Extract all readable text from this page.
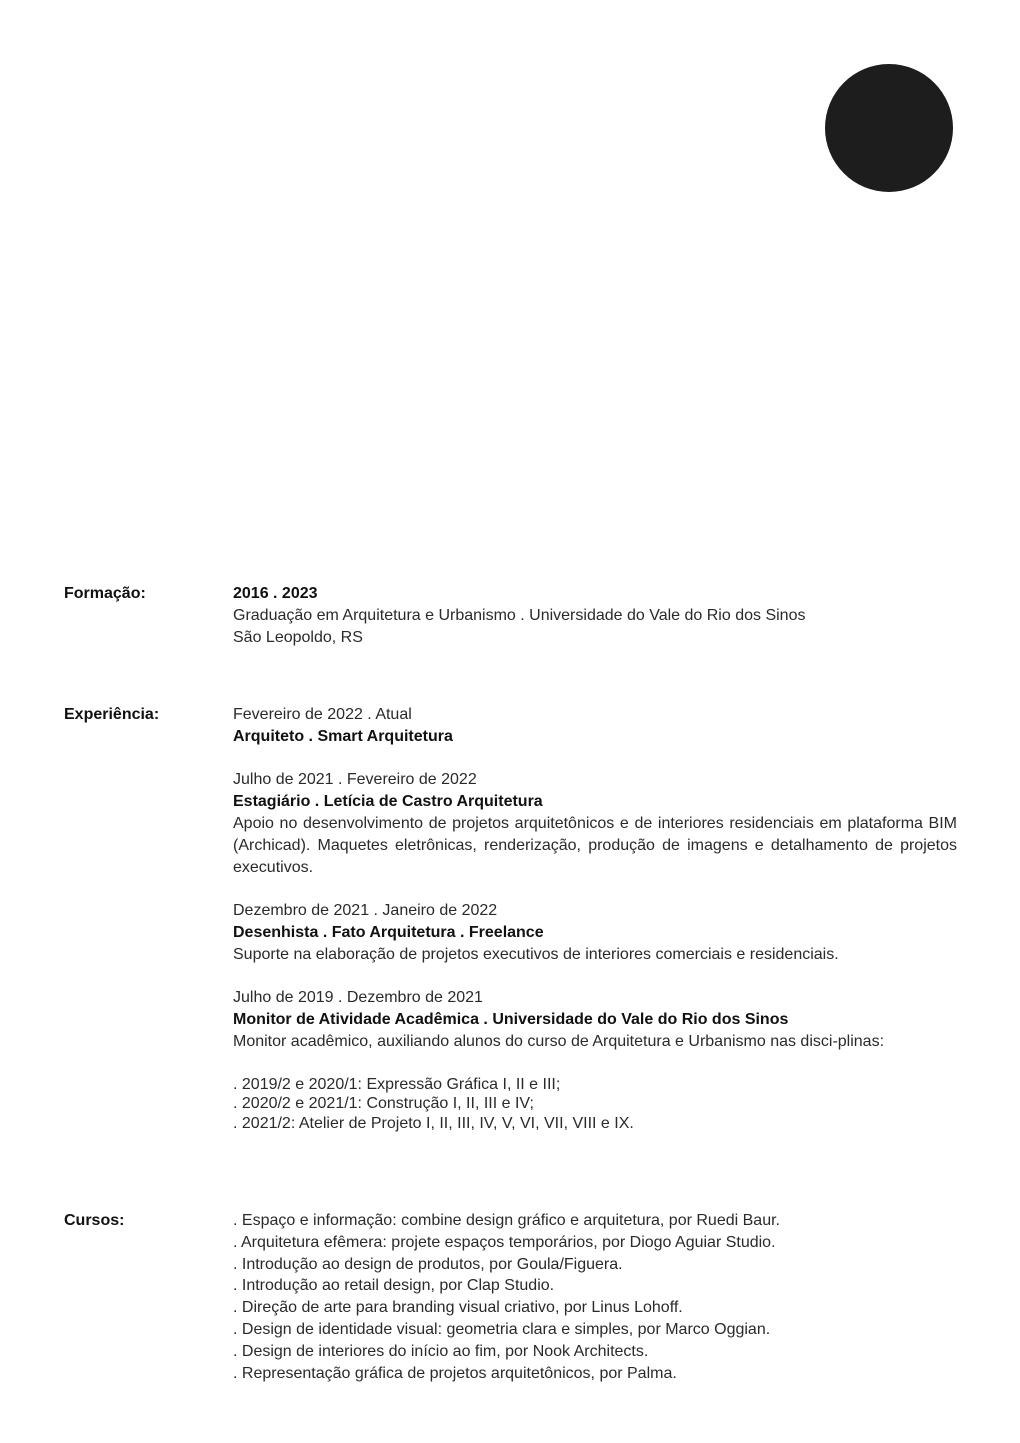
Formação:	2016 . 2023
Graduação em Arquitetura e Urbanismo . Universidade do Vale do Rio dos Sinos
São Leopoldo, RS
Experiência:	Fevereiro de 2022 . Atual
Arquiteto . Smart Arquitetura
Julho de 2021 . Fevereiro de 2022
Estagiário . Letícia de Castro Arquitetura
Apoio no desenvolvimento de projetos arquitetônicos e de interiores residenciais em plataforma BIM (Archicad). Maquetes eletrônicas, renderização, produção de imagens e detalhamento de projetos executivos.
Dezembro de 2021 . Janeiro de 2022
Desenhista . Fato Arquitetura . Freelance
Suporte na elaboração de projetos executivos de interiores comerciais e residenciais.
Julho de 2019 . Dezembro de 2021
Monitor de Atividade Acadêmica . Universidade do Vale do Rio dos Sinos
Monitor acadêmico, auxiliando alunos do curso de Arquitetura e Urbanismo nas disci-plinas:
. 2019/2 e 2020/1: Expressão Gráfica I, II e III;
. 2020/2 e 2021/1: Construção I, II, III e IV;
. 2021/2: Atelier de Projeto I, II, III, IV, V, VI, VII, VIII e IX.
Cursos:	. Espaço e informação: combine design gráfico e arquitetura, por Ruedi Baur.
. Arquitetura efêmera: projete espaços temporários, por Diogo Aguiar Studio.
. Introdução ao design de produtos, por Goula/Figuera.
. Introdução ao retail design, por Clap Studio.
. Direção de arte para branding visual criativo, por Linus Lohoff.
. Design de identidade visual: geometria clara e simples, por Marco Oggian.
. Design de interiores do início ao fim, por Nook Architects.
. Representação gráfica de projetos arquitetônicos, por Palma.
